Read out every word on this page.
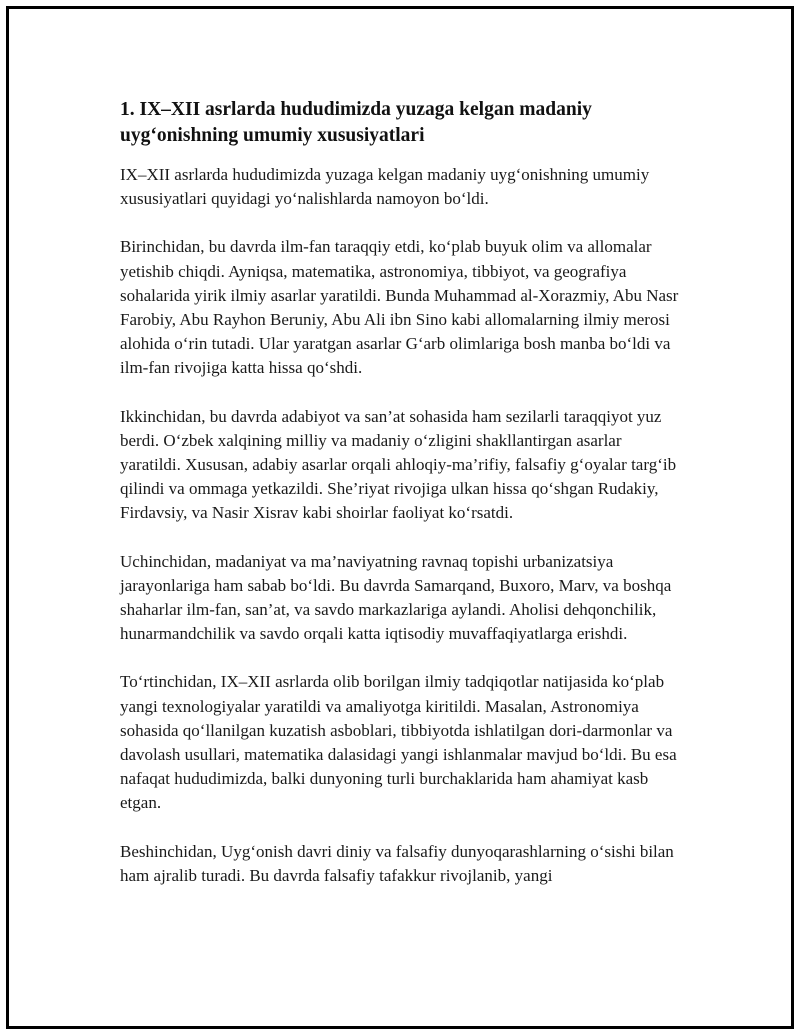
1. IX–XII asrlarda hududimizda yuzaga kelgan madaniy uyg‘onishning umumiy xususiyatlari

IX–XII asrlarda hududimizda yuzaga kelgan madaniy uyg‘onishning umumiy xususiyatlari quyidagi yo‘nalishlarda namoyon bo‘ldi.

Birinchidan, bu davrda ilm-fan taraqqiy etdi, ko‘plab buyuk olim va allomalar yetishib chiqdi. Ayniqsa, matematika, astronomiya, tibbiyot, va geografiya sohalarida yirik ilmiy asarlar yaratildi. Bunda Muhammad al-Xorazmiy, Abu Nasr Farobiy, Abu Rayhon Beruniy, Abu Ali ibn Sino kabi allomalarning ilmiy merosi alohida o‘rin tutadi. Ular yaratgan asarlar G‘arb olimlariga bosh manba bo‘ldi va ilm-fan rivojiga katta hissa qo‘shdi.

Ikkinchidan, bu davrda adabiyot va san’at sohasida ham sezilarli taraqqiyot yuz berdi. O‘zbek xalqining milliy va madaniy o‘zligini shakllantirgan asarlar yaratildi. Xususan, adabiy asarlar orqali ahloqiy-ma’rifiy, falsafiy g‘oyalar targ‘ib qilindi va ommaga yetkazildi. She’riyat rivojiga ulkan hissa qo‘shgan Rudakiy, Firdavsiy, va Nasir Xisrav kabi shoirlar faoliyat ko‘rsatdi.

Uchinchidan, madaniyat va ma’naviyatning ravnaq topishi urbanizatsiya jarayonlariga ham sabab bo‘ldi. Bu davrda Samarqand, Buxoro, Marv, va boshqa shaharlar ilm-fan, san’at, va savdo markazlariga aylandi. Aholisi dehqonchilik, hunarmandchilik va savdo orqali katta iqtisodiy muvaffaqiyatlarga erishdi.

To‘rtinchidan, IX–XII asrlarda olib borilgan ilmiy tadqiqotlar natijasida ko‘plab yangi texnologiyalar yaratildi va amaliyotga kiritildi. Masalan, Astronomiya sohasida qo‘llanilgan kuzatish asboblari, tibbiyotda ishlatilgan dori-darmonlar va davolash usullari, matematika dalasidagi yangi ishlanmalar mavjud bo‘ldi. Bu esa nafaqat hududimizda, balki dunyoning turli burchaklarida ham ahamiyat kasb etgan.

Beshinchidan, Uyg‘onish davri diniy va falsafiy dunyoqarashlarning o‘sishi bilan ham ajralib turadi. Bu davrda falsafiy tafakkur rivojlanib, yangi
